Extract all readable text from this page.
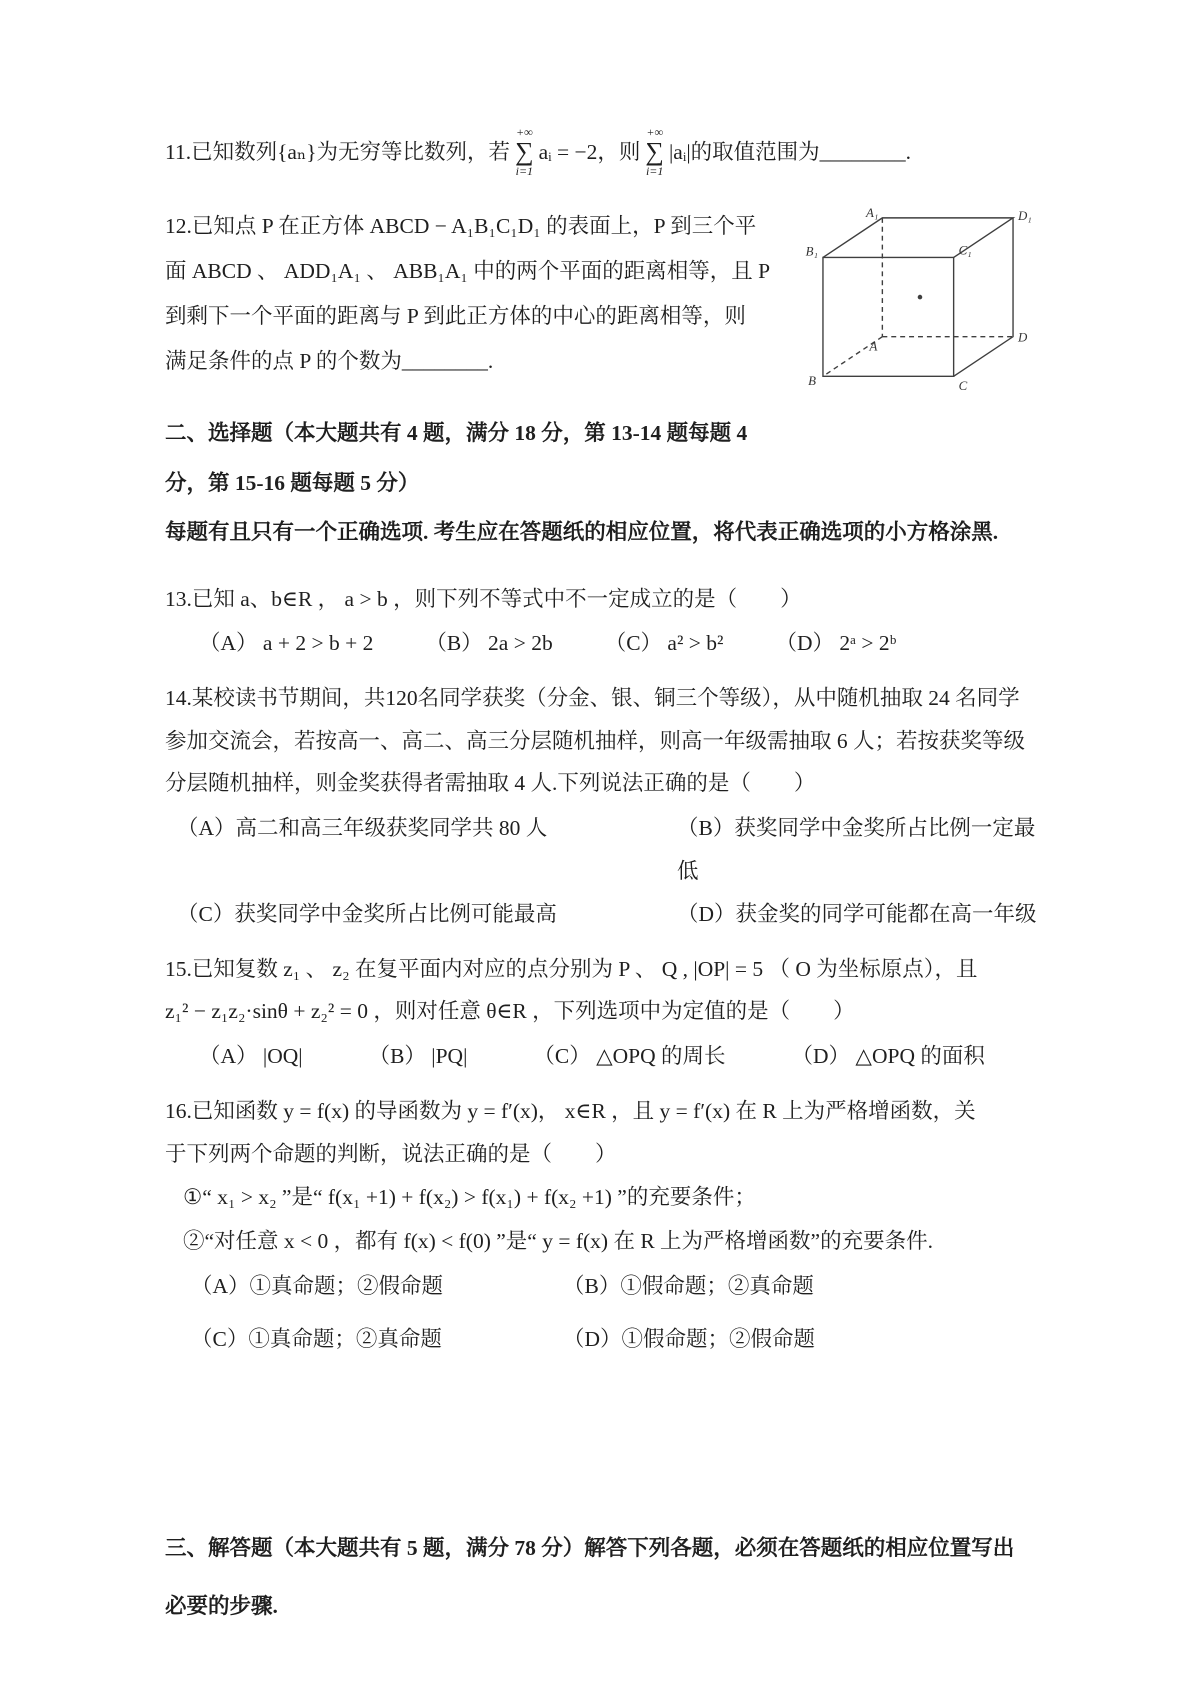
11.已知数列{aₙ}为无穷等比数列，若
+∞
∑
i=1
aᵢ = −2，则
+∞
∑
i=1
|aᵢ| 的取值范围为________.
A₁	D₁
B₁	C₁
A
D
B	C
12.已知点 P 在正方体 ABCD − A₁B₁C₁D₁ 的表面上，P 到三个平
面 ABCD 、 ADD₁A₁ 、 ABB₁A₁ 中的两个平面的距离相等，且 P
到剩下一个平面的距离与 P 到此正方体的中心的距离相等，则
满足条件的点 P 的个数为________.
二、选择题（本大题共有 4 题，满分 18 分，第 13-14 题每题 4 分，第 15-16 题每题 5 分）
每题有且只有一个正确选项. 考生应在答题纸的相应位置，将代表正确选项的小方格涂黑.
13.已知 a、b∈R ， a > b ，则下列不等式中不一定成立的是（　　）
（A） a + 2 > b + 2 （B） 2a > 2b （C） a² > b² （D） 2ᵃ > 2ᵇ
14.某校读书节期间，共120名同学获奖（分金、银、铜三个等级），从中随机抽取 24 名同学
参加交流会，若按高一、高二、高三分层随机抽样，则高一年级需抽取 6 人；若按获奖等级
分层随机抽样，则金奖获得者需抽取 4 人.下列说法正确的是（　　）
（A）高二和高三年级获奖同学共 80 人	（B）获奖同学中金奖所占比例一定最低
（C）获奖同学中金奖所占比例可能最高	（D）获金奖的同学可能都在高一年级
15.已知复数 z₁ 、 z₂ 在复平面内对应的点分别为 P 、 Q , |OP| = 5 （ O 为坐标原点），且
z₁² − z₁z₂·sinθ + z₂² = 0 ，则对任意 θ∈R ，下列选项中为定值的是（　　）
（A） |OQ|	（B） |PQ|	（C） △OPQ 的周长	（D） △OPQ 的面积
16.已知函数 y = f(x) 的导函数为 y = f′(x)， x∈R ，且 y = f′(x) 在 R 上为严格增函数，关
于下列两个命题的判断，说法正确的是（　　）
①“ x₁ > x₂ ”是“ f(x₁ +1) + f(x₂) > f(x₁) + f(x₂ +1) ”的充要条件；
②“对任意 x < 0 ，都有 f(x) < f(0) ”是“ y = f(x) 在 R 上为严格增函数”的充要条件.
（A）①真命题；②假命题	（B）①假命题；②真命题
（C）①真命题；②真命题	（D）①假命题；②假命题
三、解答题（本大题共有 5 题，满分 78 分）解答下列各题，必须在答题纸的相应位置写出
必要的步骤.
